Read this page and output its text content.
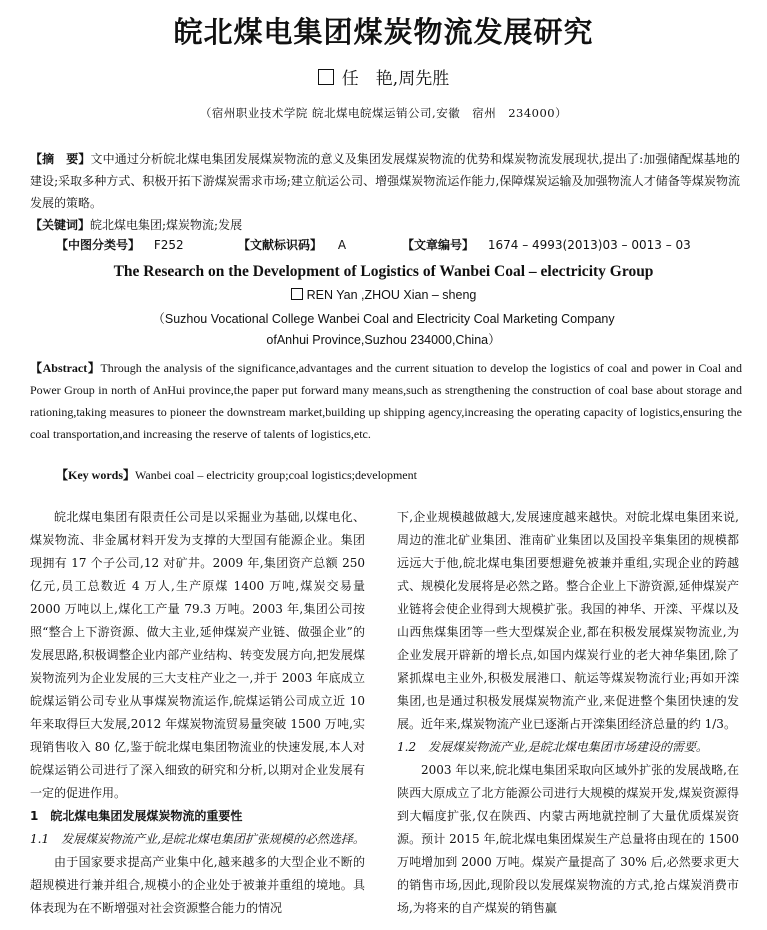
皖北煤电集团煤炭物流发展研究
任　艳,周先胜
（宿州职业技术学院 皖北煤电皖煤运销公司,安徽　宿州　234000）
【摘　要】文中通过分析皖北煤电集团发展煤炭物流的意义及集团发展煤炭物流的优势和煤炭物流发展现状,提出了:加强储配煤基地的建设;采取多种方式、积极开拓下游煤炭需求市场;建立航运公司、增强煤炭物流运作能力,保障煤炭运输及加强物流人才储备等煤炭物流发展的策略。
【关键词】皖北煤电集团;煤炭物流;发展
【中图分类号】 F252	【文献标识码】 A	【文章编号】 1674 – 4993(2013)03 – 0013 – 03
The Research on the Development of Logistics of Wanbei Coal – electricity Group
REN Yan ,ZHOU Xian – sheng
（Suzhou Vocational College Wanbei Coal and Electricity Coal Marketing Company
ofAnhui Province,Suzhou 234000,China）
【Abstract】Through the analysis of the significance,advantages and the current situation to develop the logistics of coal and power in Coal and Power Group in north of AnHui province,the paper put forward many means,such as strengthening the construction of coal base about storage and rationing,taking measures to pioneer the downstream market,building up shipping agency,increasing the operating capacity of logistics,ensuring the coal transportation,and increasing the reserve of talents of logistics,etc.
【Key words】Wanbei coal – electricity group;coal logistics;development

皖北煤电集团有限责任公司是以采掘业为基础,以煤电化、煤炭物流、非金属材料开发为支撑的大型国有能源企业。集团现拥有 17 个子公司,12 对矿井。2009 年,集团资产总额 250 亿元,员工总数近 4 万人,生产原煤 1400 万吨,煤炭交易量 2000 万吨以上,煤化工产量 79.3 万吨。2003 年,集团公司按照“整合上下游资源、做大主业,延伸煤炭产业链、做强企业”的发展思路,积极调整企业内部产业结构、转变发展方向,把发展煤炭物流列为企业发展的三大支柱产业之一,并于 2003 年底成立皖煤运销公司专业从事煤炭物流运作,皖煤运销公司成立近 10 年来取得巨大发展,2012 年煤炭物流贸易量突破 1500 万吨,实现销售收入 80 亿,鉴于皖北煤电集团物流业的快速发展,本人对皖煤运销公司进行了深入细致的研究和分析,以期对企业发展有一定的促进作用。

1　皖北煤电集团发展煤炭物流的重要性

1.1　发展煤炭物流产业,是皖北煤电集团扩张规模的必然选择。

由于国家要求提高产业集中化,越来越多的大型企业不断的超规模进行兼并组合,规模小的企业处于被兼并重组的境地。具体表现为在不断增强对社会资源整合能力的情况

下,企业规模越做越大,发展速度越来越快。对皖北煤电集团来说,周边的淮北矿业集团、淮南矿业集团以及国投辛集集团的规模都远远大于他,皖北煤电集团要想避免被兼并重组,实现企业的跨越式、规模化发展将是必然之路。整合企业上下游资源,延伸煤炭产业链将会使企业得到大规模扩张。我国的神华、开滦、平煤以及山西焦煤集团等一些大型煤炭企业,都在积极发展煤炭物流业,为企业发展开辟新的增长点,如国内煤炭行业的老大神华集团,除了紧抓煤电主业外,积极发展港口、航运等煤炭物流行业;再如开滦集团,也是通过积极发展煤炭物流产业,来促进整个集团快速的发展。近年来,煤炭物流产业已逐渐占开滦集团经济总量的约 1/3。

1.2　发展煤炭物流产业,是皖北煤电集团市场建设的需要。

2003 年以来,皖北煤电集团采取向区域外扩张的发展战略,在陕西大原成立了北方能源公司进行大规模的煤炭开发,煤炭资源得到大幅度扩张,仅在陕西、内蒙古两地就控制了大量优质煤炭资源。预计 2015 年,皖北煤电集团煤炭生产总量将由现在的 1500 万吨增加到 2000 万吨。煤炭产量提高了 30% 后,必然要求更大的销售市场,因此,现阶段以发展煤炭物流的方式,抢占煤炭消费市场,为将来的自产煤炭的销售赢
